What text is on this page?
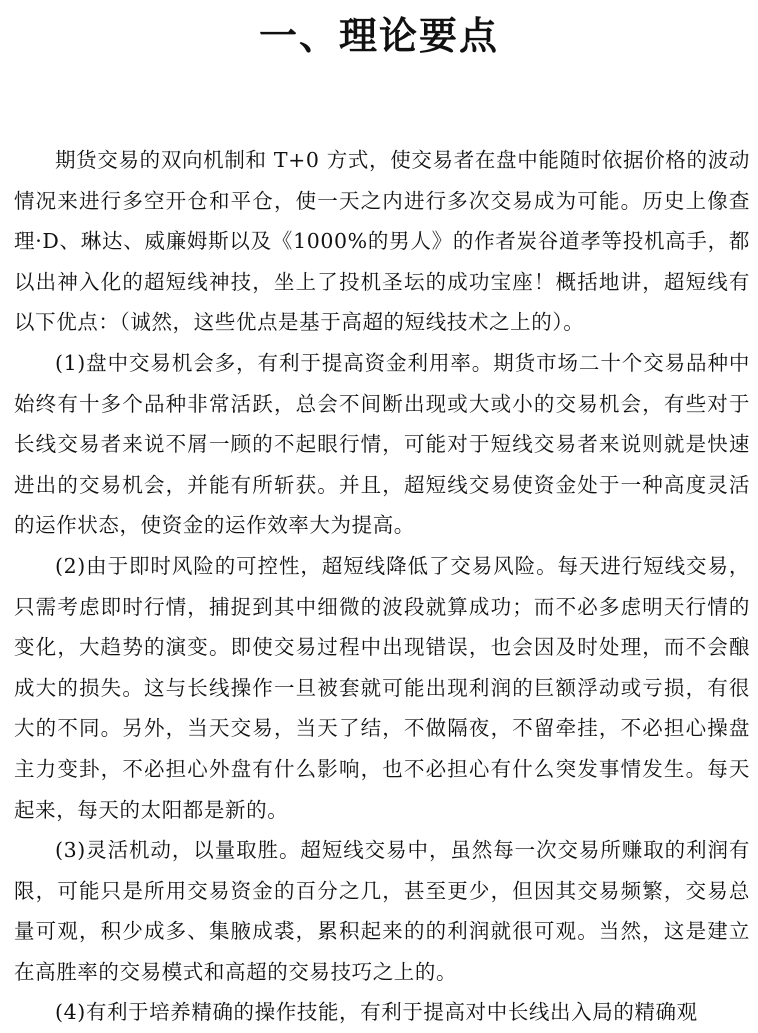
一、理论要点

期货交易的双向机制和 T+0 方式，使交易者在盘中能随时依据价格的波动情况来进行多空开仓和平仓，使一天之内进行多次交易成为可能。历史上像查理·D、琳达、威廉姆斯以及《1000%的男人》的作者炭谷道孝等投机高手，都以出神入化的超短线神技，坐上了投机圣坛的成功宝座！概括地讲，超短线有以下优点：（诚然，这些优点是基于高超的短线技术之上的）。

(1)盘中交易机会多，有利于提高资金利用率。期货市场二十个交易品种中始终有十多个品种非常活跃，总会不间断出现或大或小的交易机会，有些对于长线交易者来说不屑一顾的不起眼行情，可能对于短线交易者来说则就是快速进出的交易机会，并能有所斩获。并且，超短线交易使资金处于一种高度灵活的运作状态，使资金的运作效率大为提高。

(2)由于即时风险的可控性，超短线降低了交易风险。每天进行短线交易，只需考虑即时行情，捕捉到其中细微的波段就算成功；而不必多虑明天行情的变化，大趋势的演变。即使交易过程中出现错误，也会因及时处理，而不会酿成大的损失。这与长线操作一旦被套就可能出现利润的巨额浮动或亏损，有很大的不同。另外，当天交易，当天了结，不做隔夜，不留牵挂，不必担心操盘主力变卦，不必担心外盘有什么影响，也不必担心有什么突发事情发生。每天起来，每天的太阳都是新的。

(3)灵活机动，以量取胜。超短线交易中，虽然每一次交易所赚取的利润有限，可能只是所用交易资金的百分之几，甚至更少，但因其交易频繁，交易总量可观，积少成多、集腋成裘，累积起来的的利润就很可观。当然，这是建立在高胜率的交易模式和高超的交易技巧之上的。

(4)有利于培养精确的操作技能，有利于提高对中长线出入局的精确观
